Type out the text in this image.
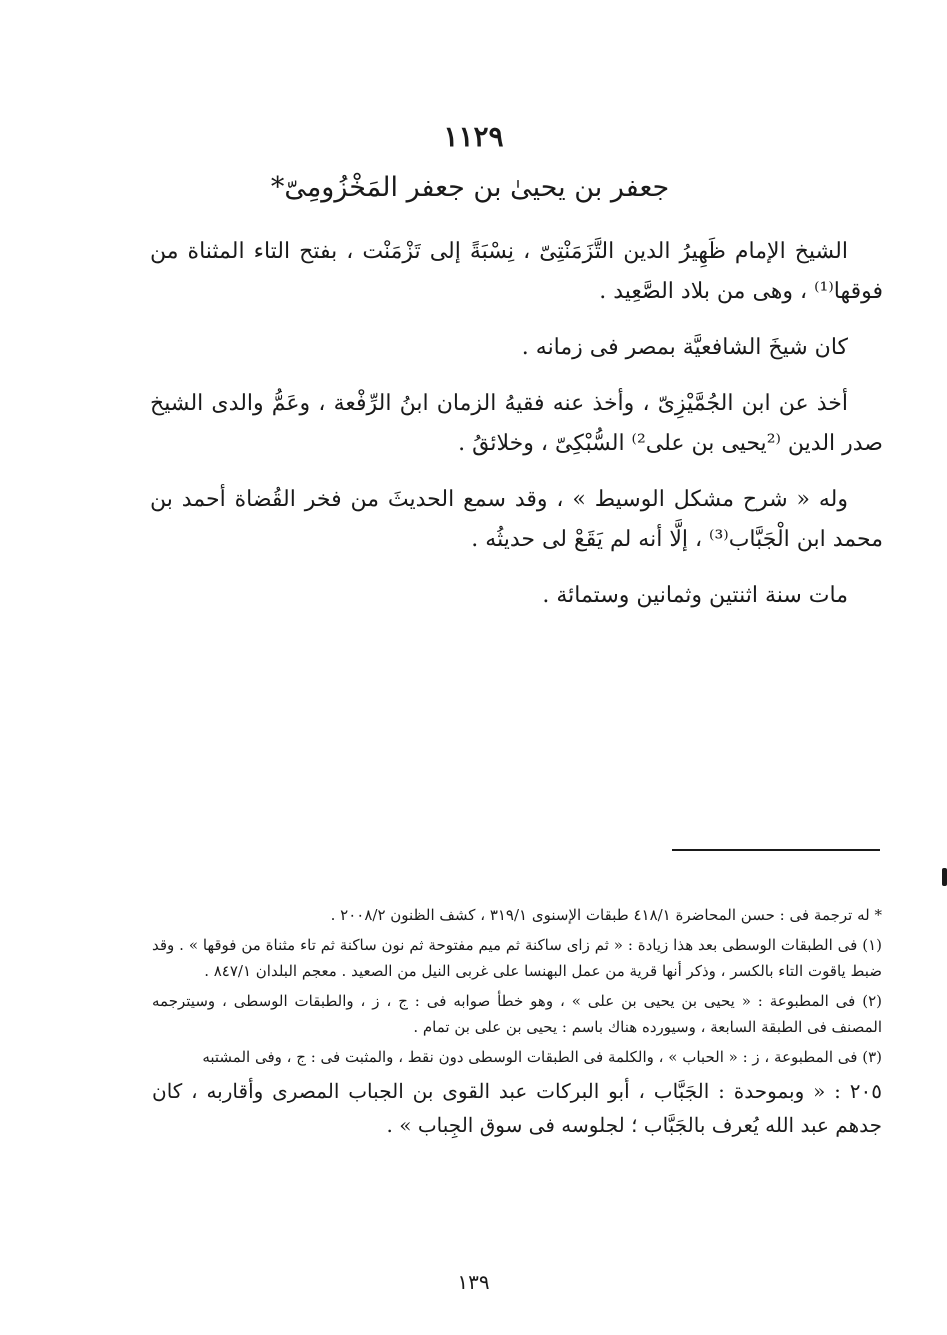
١١٢٩
جعفر بن يحيىٰ بن جعفر المَخْزُومِىّ*

الشيخ الإمام ظَهِيرُ الدين التَّزَمَنْتِىّ ، نِسْبَةً إلى تَزْمَنْت ، بفتح التاء المثناة من فوقها⁽¹⁾ ، وهى من بلاد الصَّعِيد .

كان شيخَ الشافعيَّة بمصر فى زمانه .

أخذ عن ابن الجُمَّيْزِىّ ، وأخذ عنه فقيهُ الزمان ابنُ الرِّفْعة ، وعَمُّ والدى الشيخ صدر الدين ⁽²يحيى بن على²⁾ السُّبْكِىّ ، وخلائقُ .

وله « شرح مشكل الوسيط » ، وقد سمع الحديثَ من فخر القُضاة أحمد بن محمد ابن الْجَبَّاب⁽³⁾ ، إلَّا أنه لم يَقَعْ لى حديثُه .

مات سنة اثنتين وثمانين وستمائة .

* له ترجمة فى : حسن المحاضرة ٤١٨/١ طبقات الإسنوى ٣١٩/١ ، كشف الظنون ٢٠٠٨/٢ .

(١) فى الطبقات الوسطى بعد هذا زيادة : « ثم زاى ساكنة ثم ميم مفتوحة ثم نون ساكنة ثم تاء مثناة من فوقها » . وقد ضبط ياقوت التاء بالكسر ، وذكر أنها قرية من عمل البهنسا على غربى النيل من الصعيد . معجم البلدان ٨٤٧/١ .

(٢) فى المطبوعة : « يحيى بن يحيى بن على » ، وهو خطأ صوابه فى : ج ، ز ، والطبقات الوسطى ، وسيترجمه المصنف فى الطبقة السابعة ، وسيورده هناك باسم : يحيى بن على بن تمام .

(٣) فى المطبوعة ، ز : « الحباب » ، والكلمة فى الطبقات الوسطى دون نقط ، والمثبت فى : ج ، وفى المشتبه

٢٠٥ : « وبموحدة : الجَبَّاب ، أبو البركات عبد القوى بن الجباب المصرى وأقاربه ، كان جدهم عبد الله يُعرف بالجَبَّاب ؛ لجلوسه فى سوق الجِباب » .

١٣٩
